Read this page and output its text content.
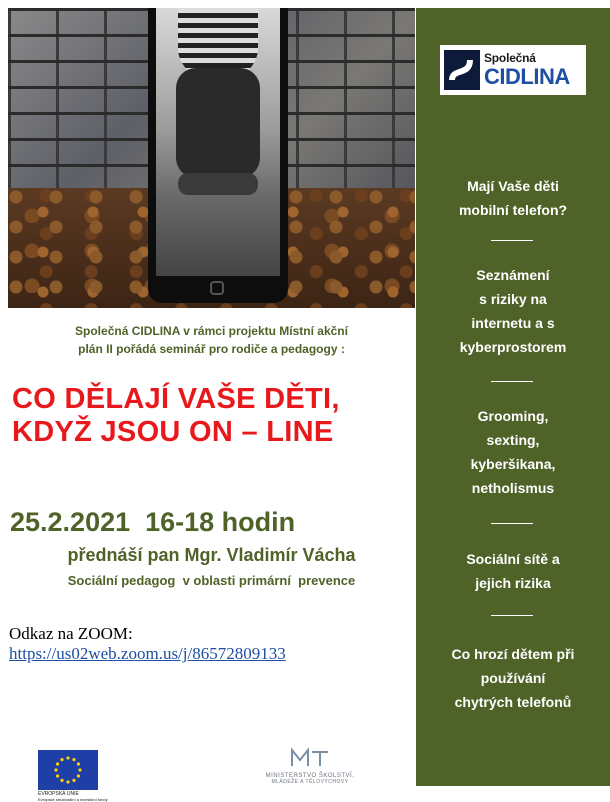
Společná
CIDLINA
Mají Vaše děti
mobilní telefon?
Seznámení
s riziky na
internetu a s
kyberprostorem
Grooming,
sexting,
kyberšikana,
netholismus
Sociální sítě a
jejich rizika
Co hrozí dětem při
používání
chytrých telefonů
Společná CIDLINA v rámci projektu Místní akční
plán II pořádá seminář pro rodiče a pedagogy :
CO DĚLAJÍ VAŠE DĚTI,
KDYŽ JSOU ON – LINE
25.2.2021  16-18 hodin
přednáší pan Mgr. Vladimír Vácha
Sociální pedagog  v oblasti primární  prevence
Odkaz na ZOOM:
https://us02web.zoom.us/j/86572809133
EVROPSKÁ UNIE
Evropské strukturální a investiční fondy
MINISTERSTVO ŠKOLSTVÍ,
MLÁDEŽE A TĚLOVÝCHOVY
